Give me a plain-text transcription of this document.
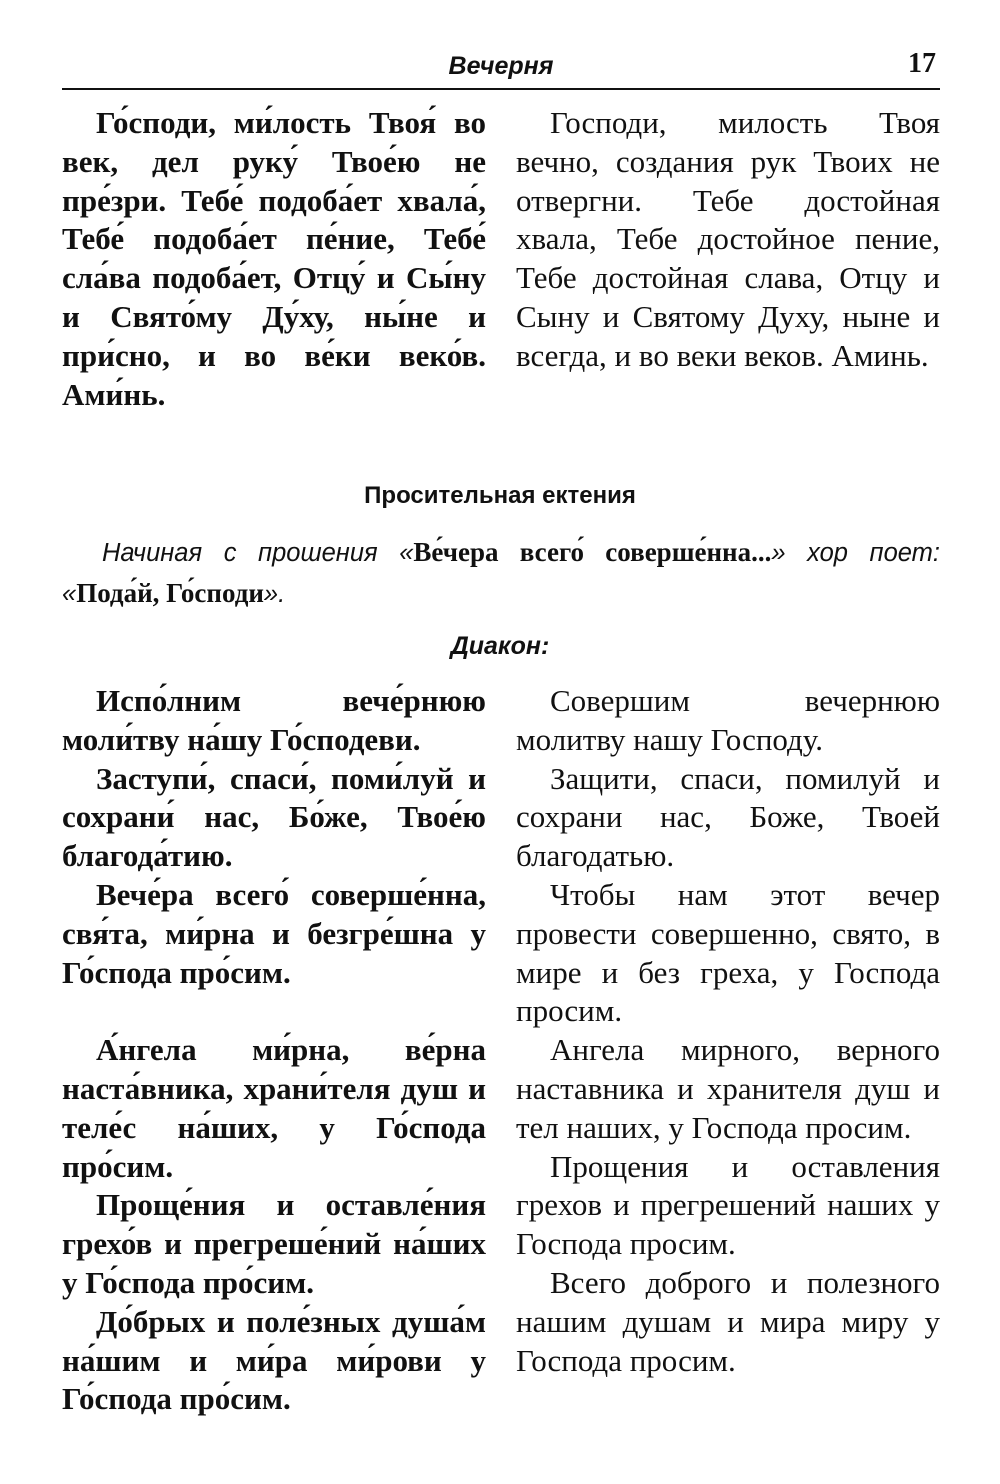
Вечерня	17

Го́споди, ми́лость Твоя́ во век, дел руку́ Твое́ю не пре́зри. Тебе́ подоба́ет хвала́, Тебе́ подоба́ет пе́ние, Тебе́ сла́ва подоба́ет, Отцу́ и Сы́ну и Свято́му Ду́ху, ны́не и при́сно, и во ве́ки веко́в. Ами́нь.

Господи, милость Твоя вечно, создания рук Твоих не отвергни. Тебе достойная хвала, Тебе достойное пение, Тебе достойная слава, Отцу и Сыну и Святому Духу, ныне и всегда, и во веки веков. Аминь.

Просительная ектения
Начиная с прошения «Ве́чера всего́ соверше́нна...» хор поет: «Пода́й, Го́споди».
Диакон:

Испо́лним вече́рнюю моли́тву на́шу Го́сподеви.

Заступи́, спаси́, поми́луй и сохрани́ нас, Бо́же, Твое́ю благода́тию.

Вече́ра всего́ соверше́нна, свя́та, ми́рна и безгре́шна у Го́спода про́сим.

А́нгела ми́рна, ве́рна наста́вника, храни́теля душ и теле́с на́ших, у Го́спода про́сим.

Проще́ния и оставле́ния грехо́в и прегреше́ний на́ших у Го́спода про́сим.

До́брых и поле́зных душа́м на́шим и ми́ра ми́рови у Го́спода про́сим.

Совершим вечернюю молитву нашу Господу.

Защити, спаси, помилуй и сохрани нас, Боже, Твоей благодатью.

Чтобы нам этот вечер провести совершенно, свято, в мире и без греха, у Господа просим.

Ангела мирного, верного наставника и хранителя душ и тел наших, у Господа просим.

Прощения и оставления грехов и прегрешений наших у Господа просим.

Всего доброго и полезного нашим душам и мира миру у Господа просим.
